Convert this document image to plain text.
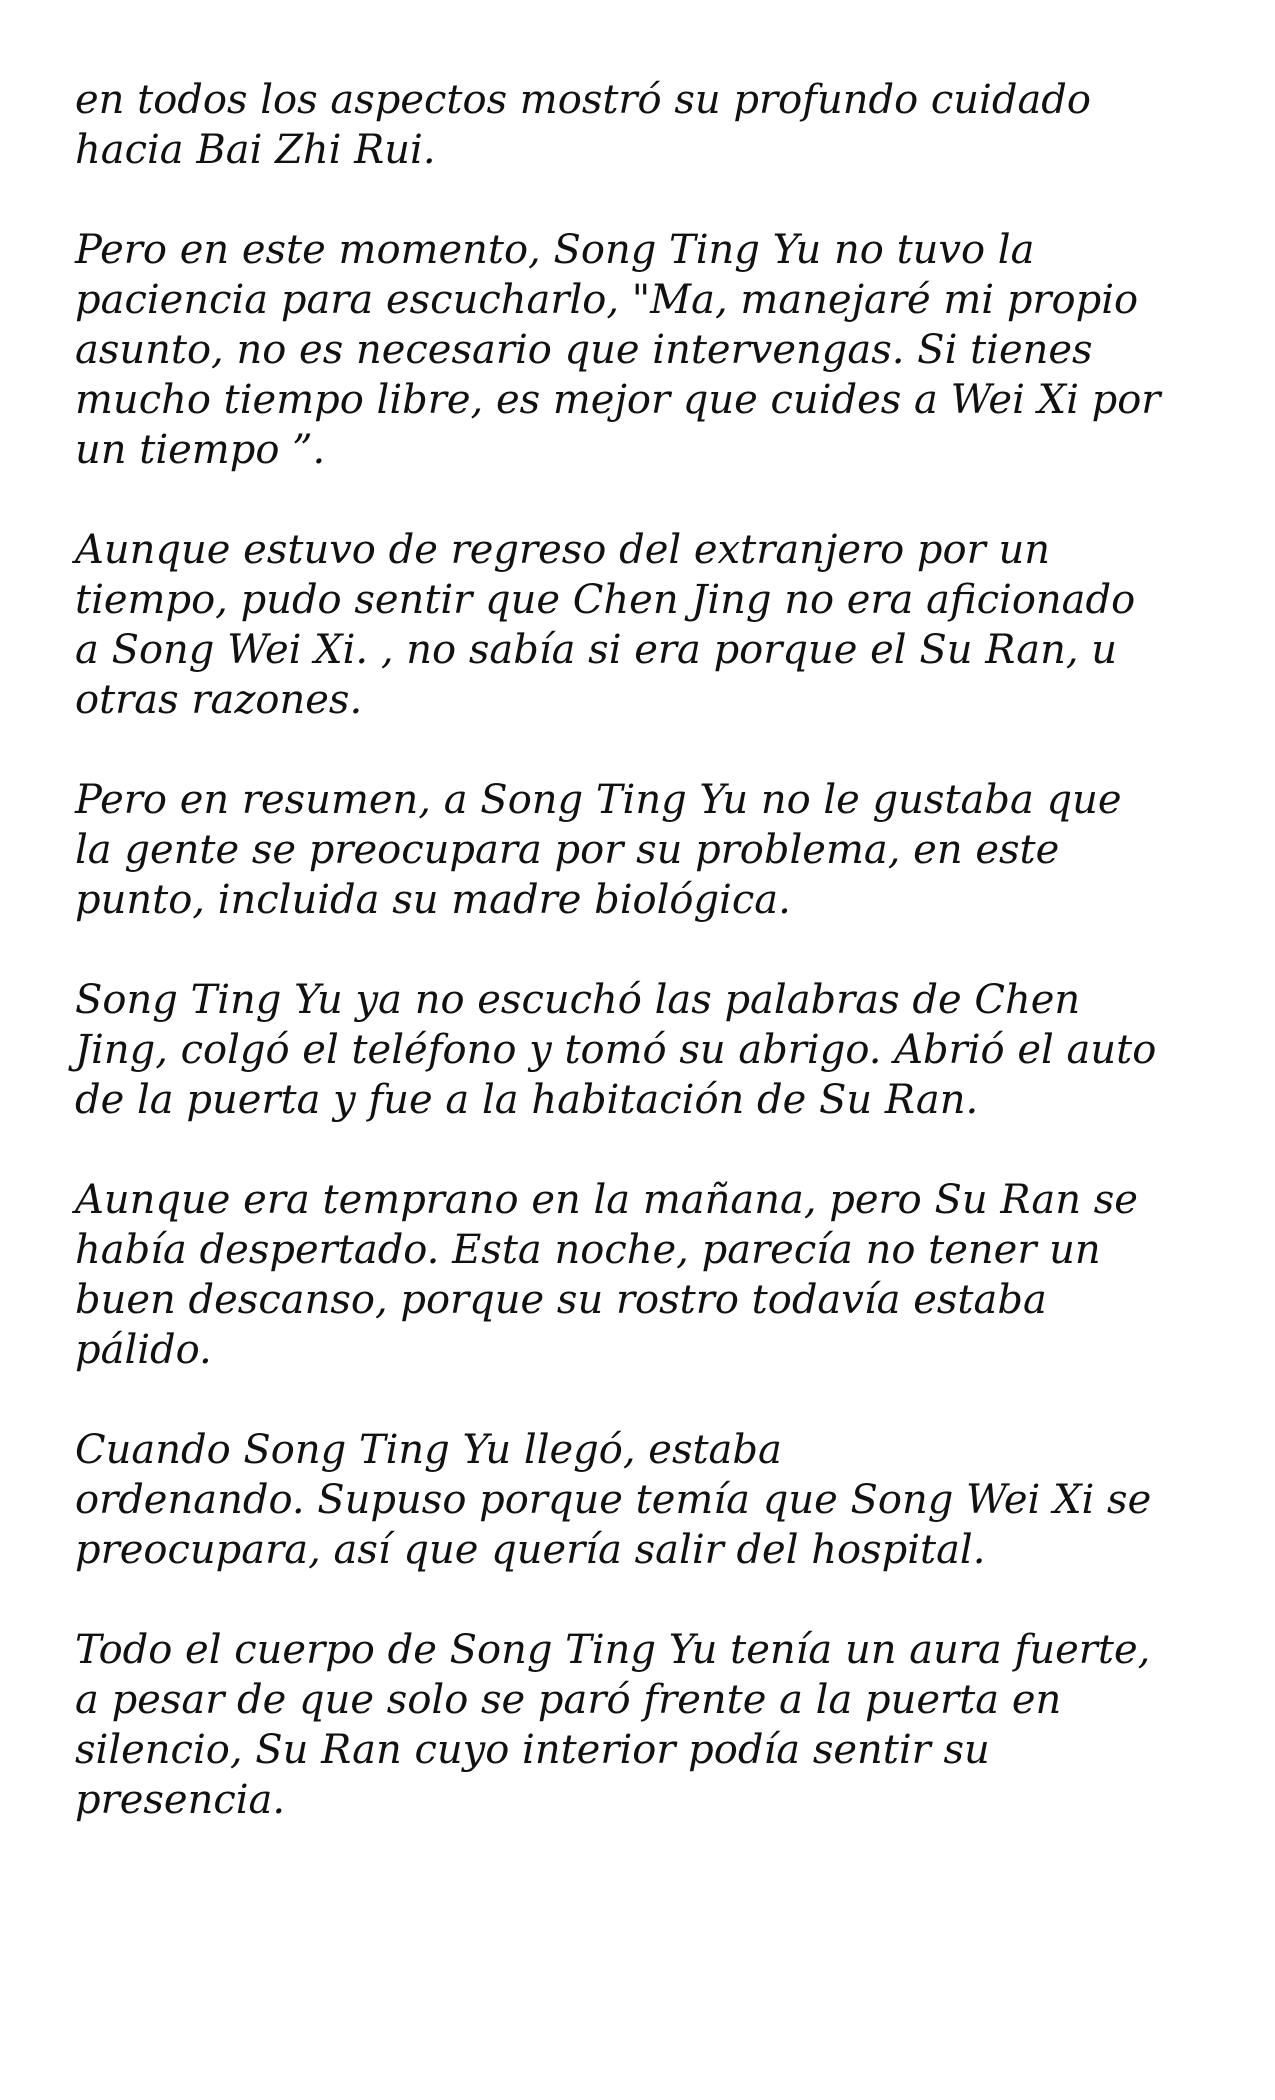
en todos los aspectos mostró su profundo cuidado
hacia Bai Zhi Rui.

Pero en este momento, Song Ting Yu no tuvo la
paciencia para escucharlo, "Ma, manejaré mi propio
asunto, no es necesario que intervengas. Si tienes
mucho tiempo libre, es mejor que cuides a Wei Xi por
un tiempo ”.

Aunque estuvo de regreso del extranjero por un
tiempo, pudo sentir que Chen Jing no era aficionado
a Song Wei Xi. , no sabía si era porque el Su Ran, u
otras razones.

Pero en resumen, a Song Ting Yu no le gustaba que
la gente se preocupara por su problema, en este
punto, incluida su madre biológica.

Song Ting Yu ya no escuchó las palabras de Chen
Jing, colgó el teléfono y tomó su abrigo. Abrió el auto
de la puerta y fue a la habitación de Su Ran.

Aunque era temprano en la mañana, pero Su Ran se
había despertado. Esta noche, parecía no tener un
buen descanso, porque su rostro todavía estaba
pálido.

Cuando Song Ting Yu llegó, estaba
ordenando. Supuso porque temía que Song Wei Xi se
preocupara, así que quería salir del hospital.

Todo el cuerpo de Song Ting Yu tenía un aura fuerte,
a pesar de que solo se paró frente a la puerta en
silencio, Su Ran cuyo interior podía sentir su
presencia.
